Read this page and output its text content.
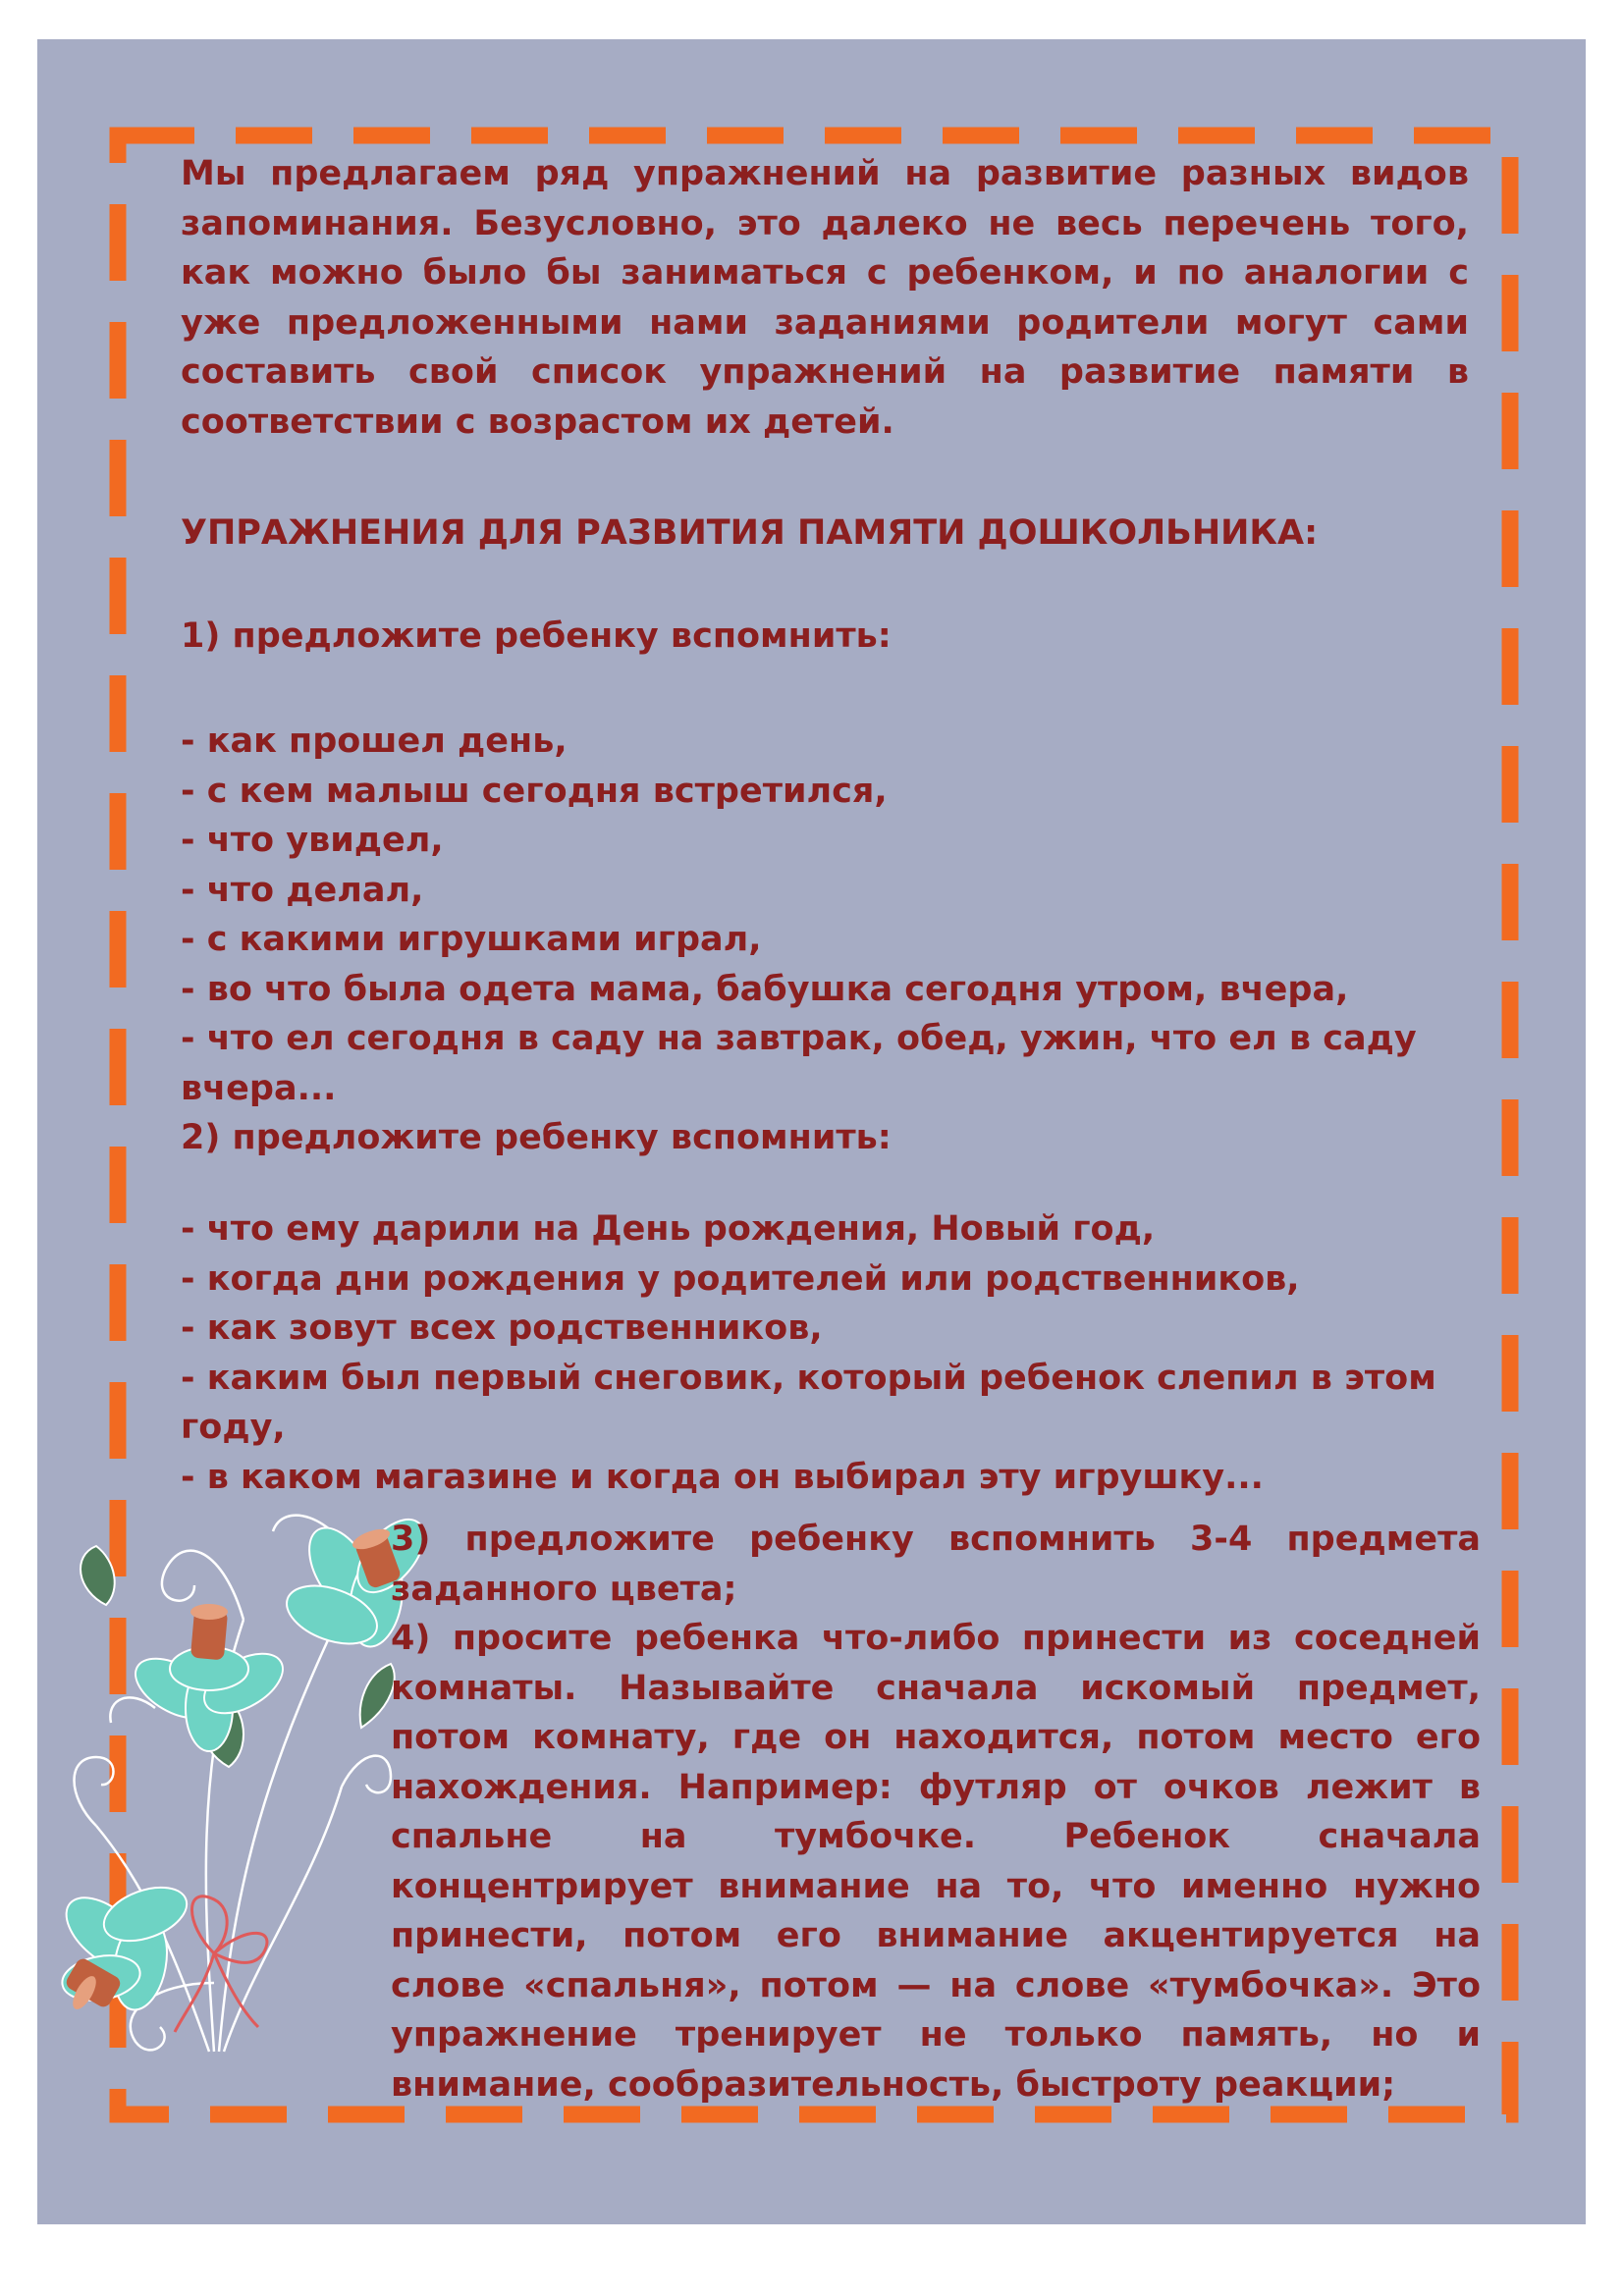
Мы предлагаем ряд упражнений на развитие разных видов запоминания. Безусловно, это далеко не весь перечень того, как можно было бы заниматься с ребенком, и по аналогии с уже предложенными нами заданиями родители могут сами составить свой список упражнений на развитие памяти в соответствии с возрастом их детей.

УПРАЖНЕНИЯ ДЛЯ РАЗВИТИЯ ПАМЯТИ ДОШКОЛЬНИКА:

1) предложите ребенку вспомнить:

- как прошел день,
- с кем малыш сегодня встретился,
- что увидел,
- что делал,
- с какими игрушками играл,
- во что была одета мама, бабушка сегодня утром, вчера,
- что ел сегодня в саду на завтрак, обед, ужин, что ел в саду вчера...
2) предложите ребенку вспомнить:
- что ему дарили на День рождения, Новый год,
- когда дни рождения у родителей или родственников,
- как зовут всех родственников,
- каким был первый снеговик, который ребенок слепил в этом году,
- в каком магазине и когда он выбирал эту игрушку...
3) предложите ребенку вспомнить 3-4 предмета заданного цвета;
4) просите ребенка что-либо принести из соседней комнаты. Называйте сначала искомый предмет, потом комнату, где он находится, потом место его нахождения. Например: футляр от очков лежит в спальне на тумбочке. Ребенок сначала концентрирует внимание на то, что именно нужно принести, потом его внимание акцентируется на слове «спальня», потом — на слове «тумбочка». Это упражнение тренирует не только память, но и внимание, сообразительность, быстроту реакции;
